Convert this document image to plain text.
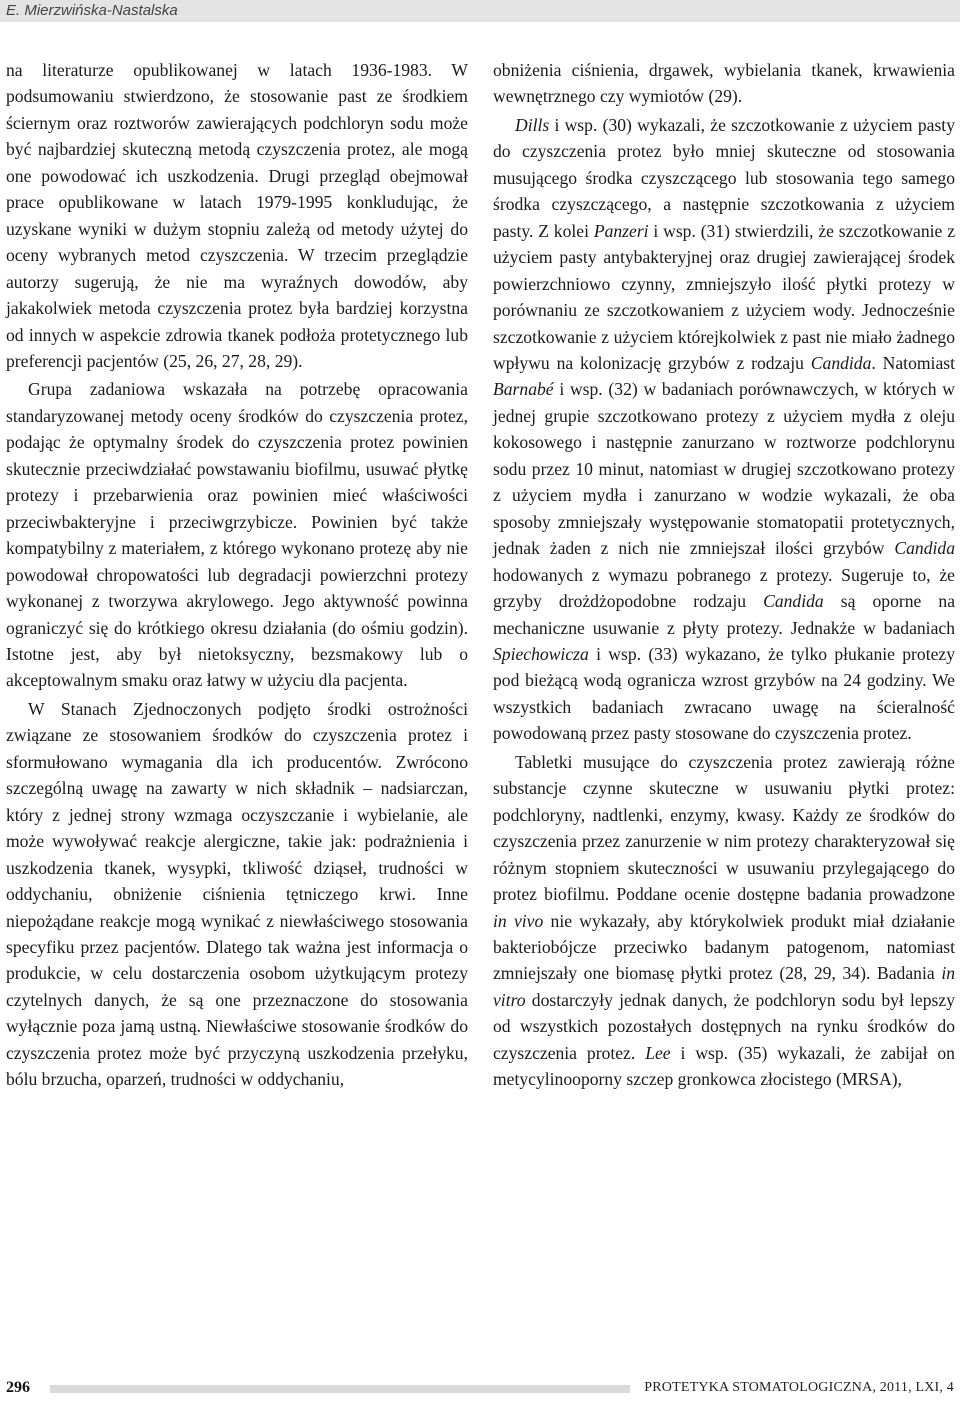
E. Mierzwińska-Nastalska

na literaturze opublikowanej w latach 1936-1983. W podsumowaniu stwierdzono, że stosowanie past ze środkiem ściernym oraz roztworów zawierających podchloryn sodu może być najbardziej skuteczną metodą czyszczenia protez, ale mogą one powodować ich uszkodzenia. Drugi przegląd obejmował prace opublikowane w latach 1979-1995 konkludując, że uzyskane wyniki w dużym stopniu zależą od metody użytej do oceny wybranych metod czyszczenia. W trzecim przeglądzie autorzy sugerują, że nie ma wyraźnych dowodów, aby jakakolwiek metoda czyszczenia protez była bardziej korzystna od innych w aspekcie zdrowia tkanek podłoża protetycznego lub preferencji pacjentów (25, 26, 27, 28, 29).

Grupa zadaniowa wskazała na potrzebę opracowania standaryzowanej metody oceny środków do czyszczenia protez, podając że optymalny środek do czyszczenia protez powinien skutecznie przeciwdziałać powstawaniu biofilmu, usuwać płytkę protezy i przebarwienia oraz powinien mieć właściwości przeciwbakteryjne i przeciwgrzybicze. Powinien być także kompatybilny z materiałem, z którego wykonano protezę aby nie powodował chropowatości lub degradacji powierzchni protezy wykonanej z tworzywa akrylowego. Jego aktywność powinna ograniczyć się do krótkiego okresu działania (do ośmiu godzin). Istotne jest, aby był nietoksyczny, bezsmakowy lub o akceptowalnym smaku oraz łatwy w użyciu dla pacjenta.

W Stanach Zjednoczonych podjęto środki ostrożności związane ze stosowaniem środków do czyszczenia protez i sformułowano wymagania dla ich producentów. Zwrócono szczególną uwagę na zawarty w nich składnik – nadsiarczan, który z jednej strony wzmaga oczyszczanie i wybielanie, ale może wywoływać reakcje alergiczne, takie jak: podrażnienia i uszkodzenia tkanek, wysypki, tkliwość dziąseł, trudności w oddychaniu, obniżenie ciśnienia tętniczego krwi. Inne niepożądane reakcje mogą wynikać z niewłaściwego stosowania specyfiku przez pacjentów. Dlatego tak ważna jest informacja o produkcie, w celu dostarczenia osobom użytkującym protezy czytelnych danych, że są one przeznaczone do stosowania wyłącznie poza jamą ustną. Niewłaściwe stosowanie środków do czyszczenia protez może być przyczyną uszkodzenia przełyku, bólu brzucha, oparzeń, trudności w oddychaniu,

obniżenia ciśnienia, drgawek, wybielania tkanek, krwawienia wewnętrznego czy wymiotów (29).

Dills i wsp. (30) wykazali, że szczotkowanie z użyciem pasty do czyszczenia protez było mniej skuteczne od stosowania musującego środka czyszczącego lub stosowania tego samego środka czyszczącego, a następnie szczotkowania z użyciem pasty. Z kolei Panzeri i wsp. (31) stwierdzili, że szczotkowanie z użyciem pasty antybakteryjnej oraz drugiej zawierającej środek powierzchniowo czynny, zmniejszyło ilość płytki protezy w porównaniu ze szczotkowaniem z użyciem wody. Jednocześnie szczotkowanie z użyciem którejkolwiek z past nie miało żadnego wpływu na kolonizację grzybów z rodzaju Candida. Natomiast Barnabé i wsp. (32) w badaniach porównawczych, w których w jednej grupie szczotkowano protezy z użyciem mydła z oleju kokosowego i następnie zanurzano w roztworze podchlorynu sodu przez 10 minut, natomiast w drugiej szczotkowano protezy z użyciem mydła i zanurzano w wodzie wykazali, że oba sposoby zmniejszały występowanie stomatopatii protetycznych, jednak żaden z nich nie zmniejszał ilości grzybów Candida hodowanych z wymazu pobranego z protezy. Sugeruje to, że grzyby drożdżopodobne rodzaju Candida są oporne na mechaniczne usuwanie z płyty protezy. Jednakże w badaniach Spiechowicza i wsp. (33) wykazano, że tylko płukanie protezy pod bieżącą wodą ogranicza wzrost grzybów na 24 godziny. We wszystkich badaniach zwracano uwagę na ścieralność powodowaną przez pasty stosowane do czyszczenia protez.

Tabletki musujące do czyszczenia protez zawierają różne substancje czynne skuteczne w usuwaniu płytki protez: podchloryny, nadtlenki, enzymy, kwasy. Każdy ze środków do czyszczenia przez zanurzenie w nim protezy charakteryzował się różnym stopniem skuteczności w usuwaniu przylegającego do protez biofilmu. Poddane ocenie dostępne badania prowadzone in vivo nie wykazały, aby którykolwiek produkt miał działanie bakteriobójcze przeciwko badanym patogenom, natomiast zmniejszały one biomasę płytki protez (28, 29, 34). Badania in vitro dostarczyły jednak danych, że podchloryn sodu był lepszy od wszystkich pozostałych dostępnych na rynku środków do czyszczenia protez. Lee i wsp. (35) wykazali, że zabijał on metycylinooporny szczep gronkowca złocistego (MRSA),

296	PROTETYKA STOMATOLOGICZNA, 2011, LXI, 4
